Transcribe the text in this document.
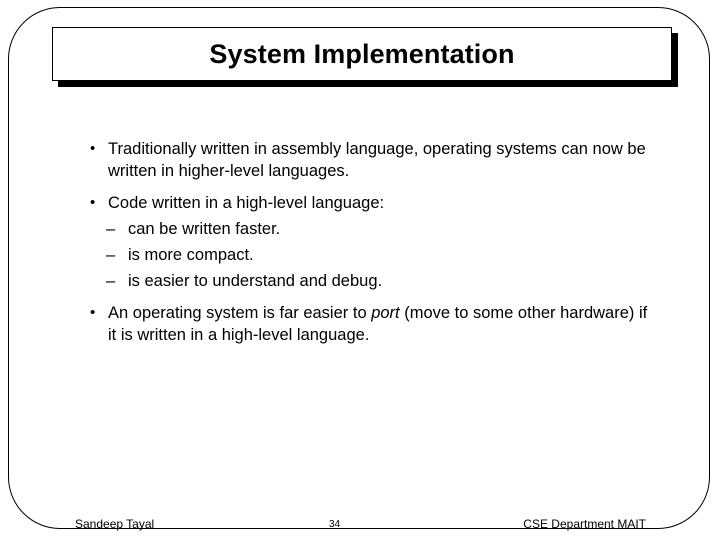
System Implementation
• Traditionally written in assembly language, operating systems can now be written in higher-level languages.
• Code written in a high-level language:
– can be written faster.
– is more compact.
– is easier to understand and debug.
• An operating system is far easier to port (move to some other hardware) if it is written in a high-level language.
Sandeep Tayal	34	CSE Department MAIT
